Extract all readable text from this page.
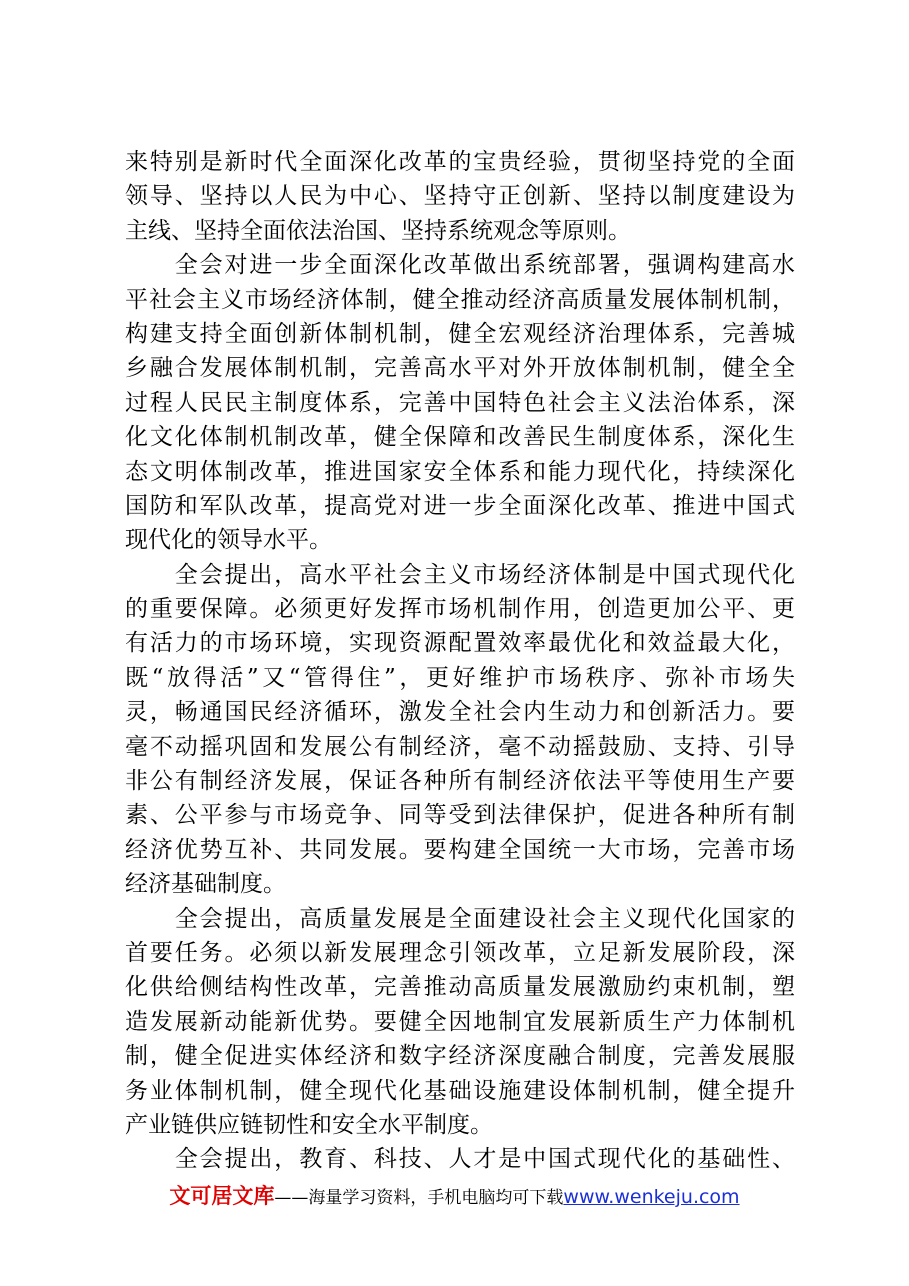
来特别是新时代全面深化改革的宝贵经验，贯彻坚持党的全面
领导、坚持以人民为中心、坚持守正创新、坚持以制度建设为
主线、坚持全面依法治国、坚持系统观念等原则。
　　全会对进一步全面深化改革做出系统部署，强调构建高水
平社会主义市场经济体制，健全推动经济高质量发展体制机制，
构建支持全面创新体制机制，健全宏观经济治理体系，完善城
乡融合发展体制机制，完善高水平对外开放体制机制，健全全
过程人民民主制度体系，完善中国特色社会主义法治体系，深
化文化体制机制改革，健全保障和改善民生制度体系，深化生
态文明体制改革，推进国家安全体系和能力现代化，持续深化
国防和军队改革，提高党对进一步全面深化改革、推进中国式
现代化的领导水平。
　　全会提出，高水平社会主义市场经济体制是中国式现代化
的重要保障。必须更好发挥市场机制作用，创造更加公平、更
有活力的市场环境，实现资源配置效率最优化和效益最大化，
既“放得活”又“管得住”，更好维护市场秩序、弥补市场失
灵，畅通国民经济循环，激发全社会内生动力和创新活力。要
毫不动摇巩固和发展公有制经济，毫不动摇鼓励、支持、引导
非公有制经济发展，保证各种所有制经济依法平等使用生产要
素、公平参与市场竞争、同等受到法律保护，促进各种所有制
经济优势互补、共同发展。要构建全国统一大市场，完善市场
经济基础制度。
　　全会提出，高质量发展是全面建设社会主义现代化国家的
首要任务。必须以新发展理念引领改革，立足新发展阶段，深
化供给侧结构性改革，完善推动高质量发展激励约束机制，塑
造发展新动能新优势。要健全因地制宜发展新质生产力体制机
制，健全促进实体经济和数字经济深度融合制度，完善发展服
务业体制机制，健全现代化基础设施建设体制机制，健全提升
产业链供应链韧性和安全水平制度。
　　全会提出，教育、科技、人才是中国式现代化的基础性、
文可居文库——海量学习资料，手机电脑均可下载www.wenkeju.com
